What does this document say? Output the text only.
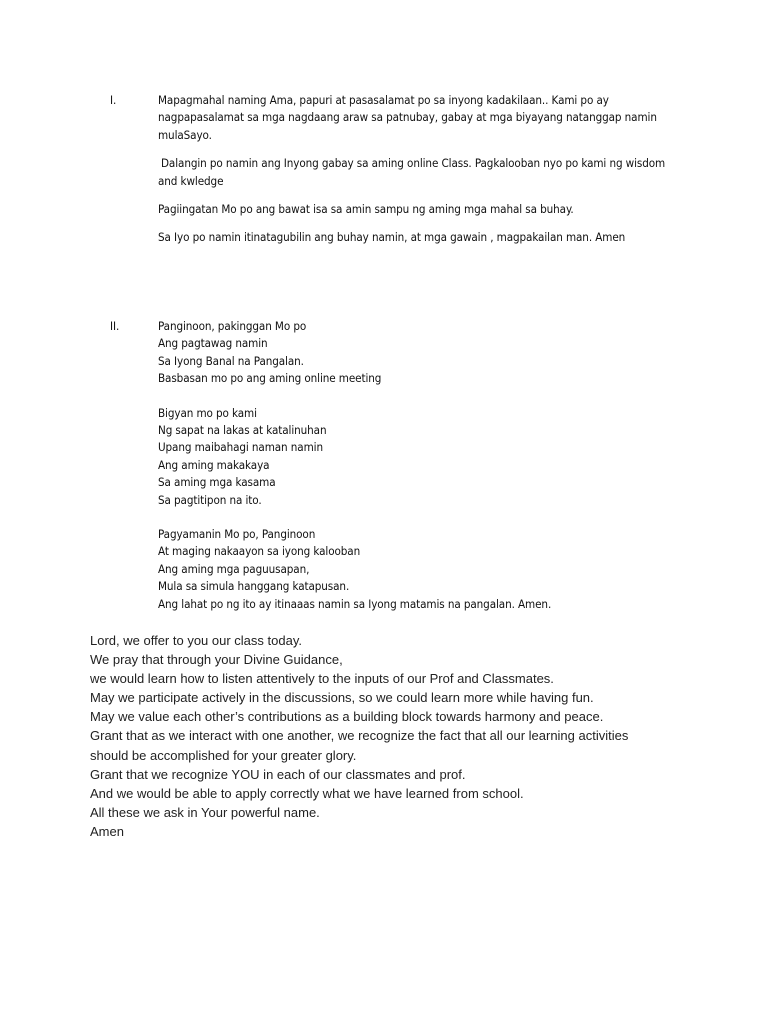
I.	Mapagmahal naming Ama, papuri at pasasalamat po sa inyong kadakilaan.. Kami po ay nagpapasalamat sa mga nagdaang araw sa patnubay, gabay at mga biyayang natanggap namin mulaSayo.

Dalangin po namin ang Inyong gabay sa aming online Class. Pagkalooban nyo po kami ng wisdom and kwledge

Pagiingatan Mo po ang bawat isa sa amin sampu ng aming mga mahal sa buhay.

Sa Iyo po namin iti̇natagubilin ang buhay namin, at mga gawain , magpakailan man. Amen

II.	Panginoon, pakinggan Mo po
Ang pagtawag namin
Sa Iyong Banal na Pangalan.
Basbasan mo po ang aming online meeti̇ng
Bigyan mo po kami
Ng sapat na lakas at katalinuhan
Upang maibahagi naman namin
Ang aming makakaya
Sa aming mga kasama
Sa pagti̇ti̇pon na ito.
Pagyamanin Mo po, Panginoon
At maging nakaayon sa iyong kalooban
Ang aming mga paguusapan,
Mula sa simula hanggang katapusan.
Ang lahat po ng ito ay iti̇naaas namin sa Iyong matamis na pangalan. Amen.
Lord, we offer to you our class today.
We pray that through your Divine Guidance,
we would learn how to listen attentively to the inputs of our Prof and Classmates.
May we participate actively in the discussions, so we could learn more while having fun.
May we value each other’s contributions as a building block towards harmony and peace.
Grant that as we interact with one another, we recognize the fact that all our learning activities
should be accomplished for your greater glory.
Grant that we recognize YOU in each of our classmates and prof.
And we would be able to apply correctly what we have learned from school.
All these we ask in Your powerful name.
Amen
